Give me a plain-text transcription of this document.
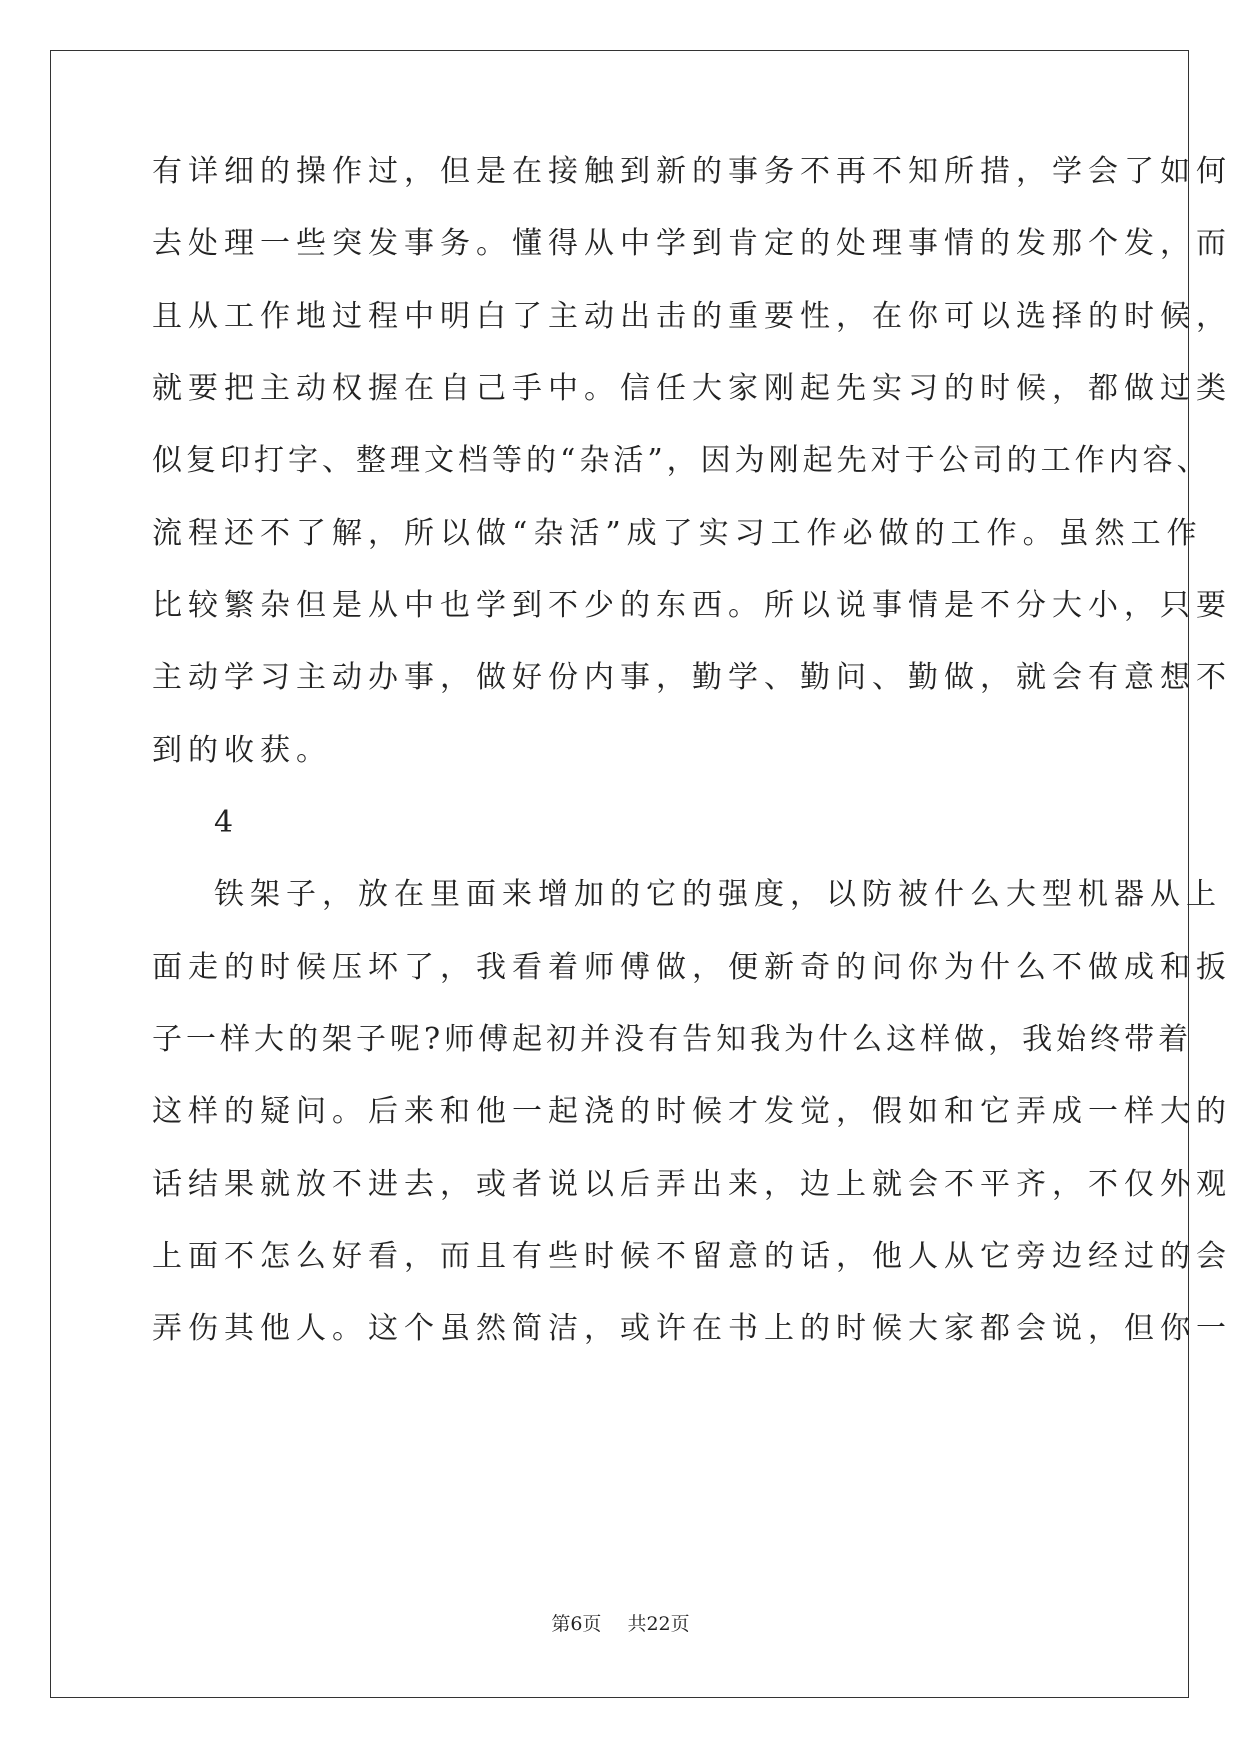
有详细的操作过，但是在接触到新的事务不再不知所措，学会了如何
去处理一些突发事务。懂得从中学到肯定的处理事情的发那个发，而
且从工作地过程中明白了主动出击的重要性，在你可以选择的时候，
就要把主动权握在自己手中。信任大家刚起先实习的时候，都做过类
似复印打字、整理文档等的“杂活”，因为刚起先对于公司的工作内容、
流程还不了解，所以做“杂活”成了实习工作必做的工作。虽然工作
比较繁杂但是从中也学到不少的东西。所以说事情是不分大小，只要
主动学习主动办事，做好份内事，勤学、勤问、勤做，就会有意想不
到的收获。
4
铁架子，放在里面来增加的它的强度，以防被什么大型机器从上
面走的时候压坏了，我看着师傅做，便新奇的问你为什么不做成和扳
子一样大的架子呢?师傅起初并没有告知我为什么这样做，我始终带着
这样的疑问。后来和他一起浇的时候才发觉，假如和它弄成一样大的
话结果就放不进去，或者说以后弄出来，边上就会不平齐，不仅外观
上面不怎么好看，而且有些时候不留意的话，他人从它旁边经过的会
弄伤其他人。这个虽然简洁，或许在书上的时候大家都会说，但你一
第6页 共22页
